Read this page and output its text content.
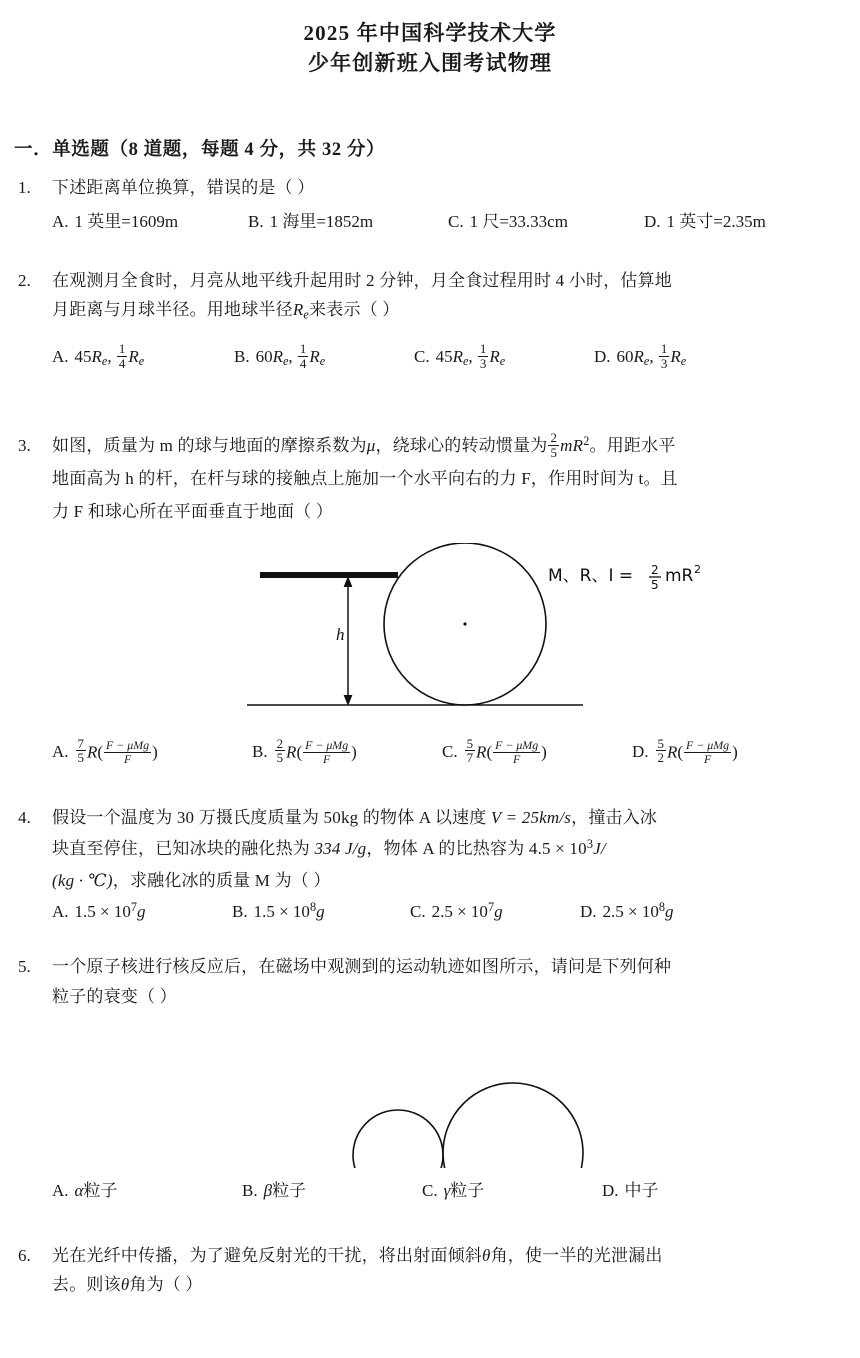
2025 年中国科学技术大学
少年创新班入围考试物理
一．单选题（8 道题，每题 4 分，共 32 分）
1.	下述距离单位换算，错误的是（ ）
A. 1 英里=1609m	B. 1 海里=1852m	C. 1 尺=33.33cm	D. 1 英寸=2.35m
2.	在观测月全食时，月亮从地平线升起用时 2 分钟，月全食过程用时 4 小时，估算地

月距离与月球半径。用地球半径$R_e$来表示（ ）

A. $45R_e$, $\frac{1}{4} R_e$	B. $60R_e$, $\frac{1}{4} R_e$	C. $45R_e$, $\frac{1}{3} R_e$	D. $60R_e$, $\frac{1}{3} R_e$
3.	如图，质量为 m 的球与地面的摩擦系数为μ，绕球心的转动惯量为 $\frac{2}{5} mR^2$。用距水平

地面高为 h 的杆，在杆与球的接触点上施加一个水平向右的力 F，作用时间为 t。且

力 F 和球心所在平面垂直于地面（ ）

h
M、R、I = 2
5 mR 2
A. $\frac{7}{5} R( \frac{\text{F − μMg}}{F}$ )	B. $\frac{2}{5} R( \frac{\text{F − μMg}}{F}$ )	C. $\frac{5}{7} R( \frac{\text{F − μMg}}{F}$ )	D. $\frac{5}{2} R( \frac{\text{F − μMg}}{F}$ )
4.	假设一个温度为 30 万摄氏度质量为 50kg 的物体 A 以速度 V = 25km/s，撞击入冰

块直至停住，已知冰块的融化热为 334 J/g，物体 A 的比热容为 $4.5 \times 10^3J/$

(kg · ℃)，求融化冰的质量 M 为（ ）

A. $1.5 \times 10^7g$	B. $1.5 \times 10^8g$	C. $2.5 \times 10^7g$	D. $2.5 \times 10^8g$
5.	一个原子核进行核反应后，在磁场中观测到的运动轨迹如图所示，请问是下列何种

粒子的衰变（ ）

A. α粒子	B. β粒子	C. γ粒子	D. 中子
6.	光在光纤中传播，为了避免反射光的干扰，将出射面倾斜θ角，使一半的光泄漏出

去。则该θ角为（ ）
